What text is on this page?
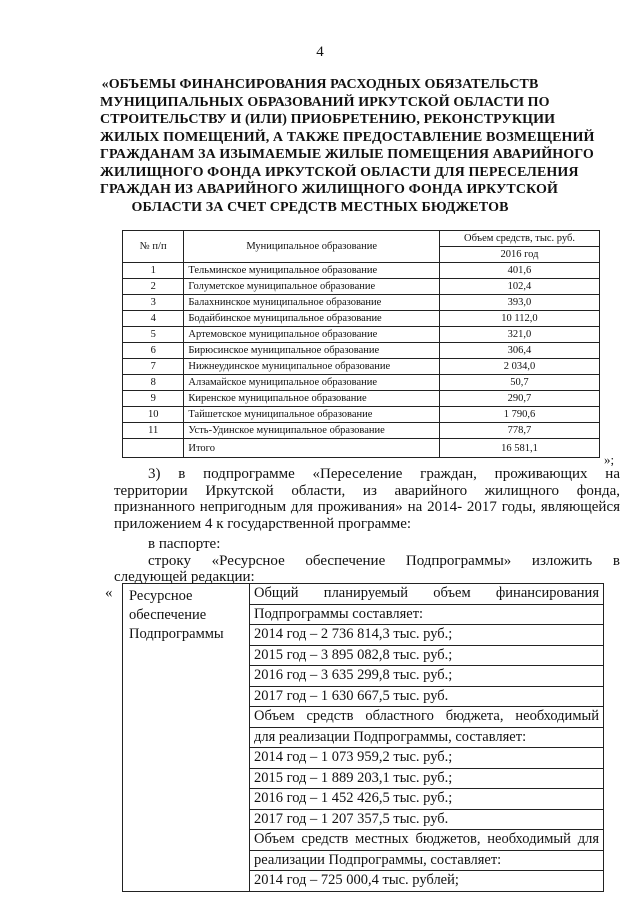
4
«ОБЪЕМЫ ФИНАНСИРОВАНИЯ РАСХОДНЫХ ОБЯЗАТЕЛЬСТВ
МУНИЦИПАЛЬНЫХ ОБРАЗОВАНИЙ ИРКУТСКОЙ ОБЛАСТИ ПО
СТРОИТЕЛЬСТВУ И (ИЛИ) ПРИОБРЕТЕНИЮ, РЕКОНСТРУКЦИИ
ЖИЛЫХ ПОМЕЩЕНИЙ, А ТАКЖЕ ПРЕДОСТАВЛЕНИЕ ВОЗМЕЩЕНИЙ
ГРАЖДАНАМ ЗА ИЗЫМАЕМЫЕ ЖИЛЫЕ ПОМЕЩЕНИЯ АВАРИЙНОГО
ЖИЛИЩНОГО ФОНДА ИРКУТСКОЙ ОБЛАСТИ ДЛЯ ПЕРЕСЕЛЕНИЯ
ГРАЖДАН ИЗ АВАРИЙНОГО ЖИЛИЩНОГО ФОНДА ИРКУТСКОЙ
ОБЛАСТИ ЗА СЧЕТ СРЕДСТВ МЕСТНЫХ БЮДЖЕТОВ
№ п/п	Муниципальное образование	Объем средств, тыс. руб.
		2016 год
1	Тельминское муниципальное образование	401,6
2	Голуметское муниципальное образование	102,4
3	Балахнинское муниципальное образование	393,0
4	Бодайбинское муниципальное образование	10 112,0
5	Артемовское муниципальное образование	321,0
6	Бирюсинское муниципальное образование	306,4
7	Нижнеудинское муниципальное образование	2 034,0
8	Алзамайское муниципальное образование	50,7
9	Киренское муниципальное образование	290,7
10	Тайшетское муниципальное образование	1 790,6
11	Усть-Удинское муниципальное образование	778,7
	Итого	16 581,1
»;
3) в подпрограмме «Переселение граждан, проживающих на
территории Иркутской области, из аварийного жилищного фонда,
признанного непригодным для проживания» на 2014- 2017 годы, являющейся
приложением 4 к государственной программе:
в паспорте:
строку «Ресурсное обеспечение Подпрограммы» изложить в
следующей редакции:
« Ресурсное
обеспечение
Подпрограммы

Общий планируемый объем финансирования
Подпрограммы составляет:
2014 год – 2 736 814,3 тыс. руб.;
2015 год – 3 895 082,8 тыс. руб.;
2016 год – 3 635 299,8 тыс. руб.;
2017 год – 1 630 667,5 тыс. руб.
Объем средств областного бюджета, необходимый
для реализации Подпрограммы, составляет:
2014 год – 1 073 959,2 тыс. руб.;
2015 год – 1 889 203,1 тыс. руб.;
2016 год – 1 452 426,5 тыс. руб.;
2017 год – 1 207 357,5 тыс. руб.
Объем средств местных бюджетов, необходимый для
реализации Подпрограммы, составляет:
2014 год – 725 000,4 тыс. рублей;
